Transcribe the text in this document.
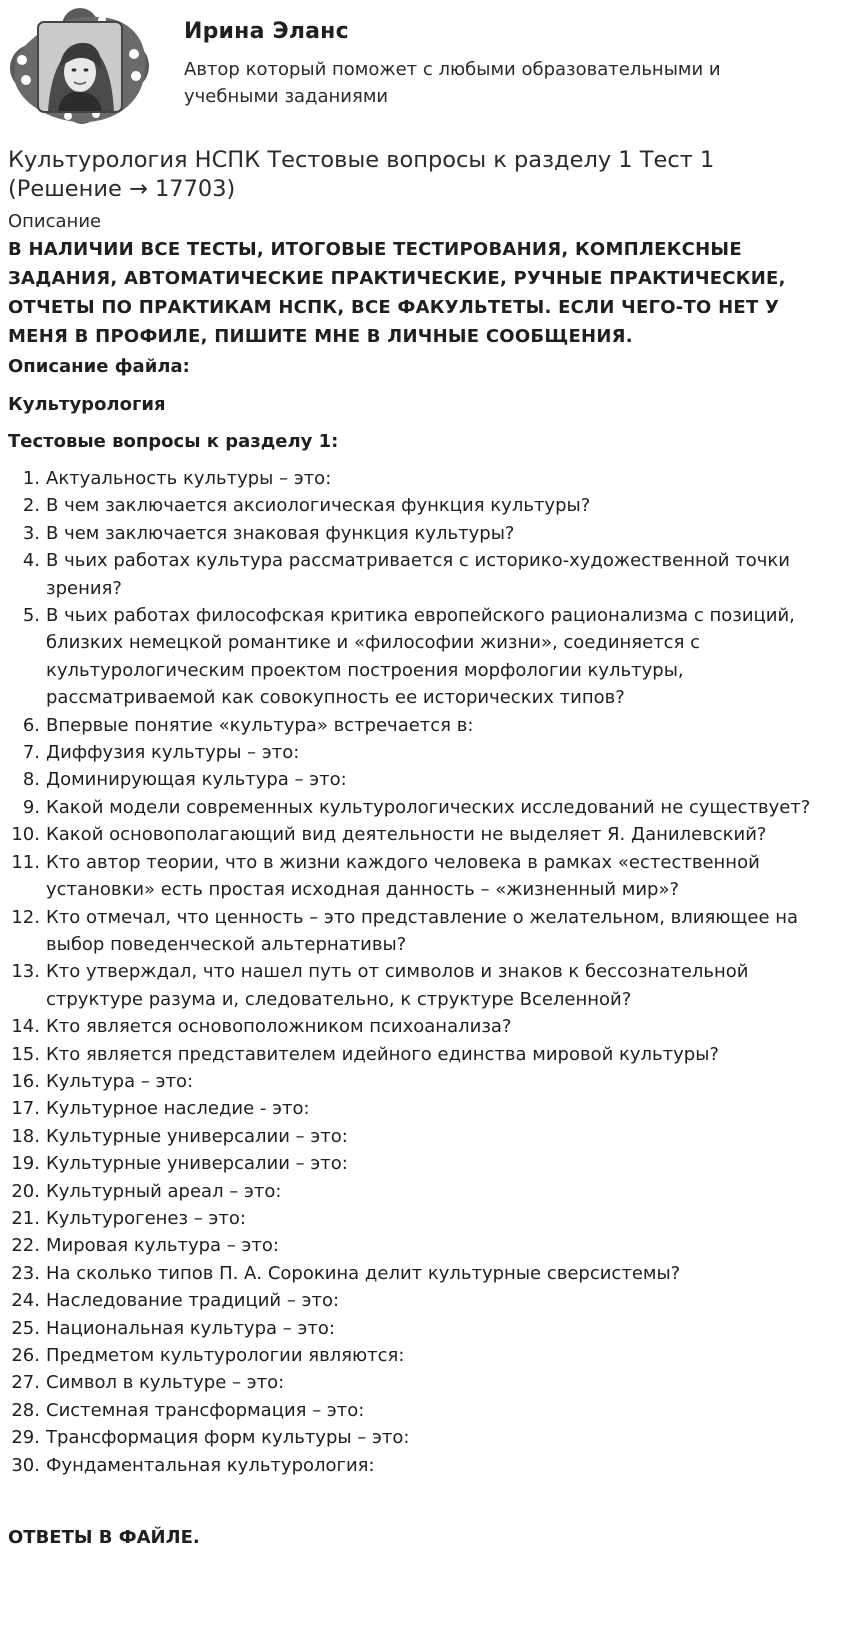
Ирина Эланс
Автор который поможет с любыми образовательными и учебными заданиями
Культурология НСПК Тестовые вопросы к разделу 1 Тест 1 (Решение → 17703)
Описание
В НАЛИЧИИ ВСЕ ТЕСТЫ, ИТОГОВЫЕ ТЕСТИРОВАНИЯ, КОМПЛЕКСНЫЕ ЗАДАНИЯ, АВТОМАТИЧЕСКИЕ ПРАКТИЧЕСКИЕ, РУЧНЫЕ ПРАКТИЧЕСКИЕ, ОТЧЕТЫ ПО ПРАКТИКАМ НСПК, ВСЕ ФАКУЛЬТЕТЫ. ЕСЛИ ЧЕГО-ТО НЕТ У МЕНЯ В ПРОФИЛЕ, ПИШИТЕ МНЕ В ЛИЧНЫЕ СООБЩЕНИЯ.
Описание файла:
Культурология
Тестовые вопросы к разделу 1:
1. Актуальность культуры – это:
2. В чем заключается аксиологическая функция культуры?
3. В чем заключается знаковая функция культуры?
4. В чьих работах культура рассматривается с историко-художественной точки зрения?
5. В чьих работах философская критика европейского рационализма с позиций, близких немецкой романтике и «философии жизни», соединяется с культурологическим проектом построения морфологии культуры, рассматриваемой как совокупность ее исторических типов?
6. Впервые понятие «культура» встречается в:
7. Диффузия культуры – это:
8. Доминирующая культура – это:
9. Какой модели современных культурологических исследований не существует?
10. Какой основополагающий вид деятельности не выделяет Я. Данилевский?
11. Кто автор теории, что в жизни каждого человека в рамках «естественной установки» есть простая исходная данность – «жизненный мир»?
12. Кто отмечал, что ценность – это представление о желательном, влияющее на выбор поведенческой альтернативы?
13. Кто утверждал, что нашел путь от символов и знаков к бессознательной структуре разума и, следовательно, к структуре Вселенной?
14. Кто является основоположником психоанализа?
15. Кто является представителем идейного единства мировой культуры?
16. Культура – это:
17. Культурное наследие - это:
18. Культурные универсалии – это:
19. Культурные универсалии – это:
20. Культурный ареал – это:
21. Культурогенез – это:
22. Мировая культура – это:
23. На сколько типов П. А. Сорокина делит культурные сверсистемы?
24. Наследование традиций – это:
25. Национальная культура – это:
26. Предметом культурологии являются:
27. Символ в культуре – это:
28. Системная трансформация – это:
29. Трансформация форм культуры – это:
30. Фундаментальная культурология:
ОТВЕТЫ В ФАЙЛЕ.
